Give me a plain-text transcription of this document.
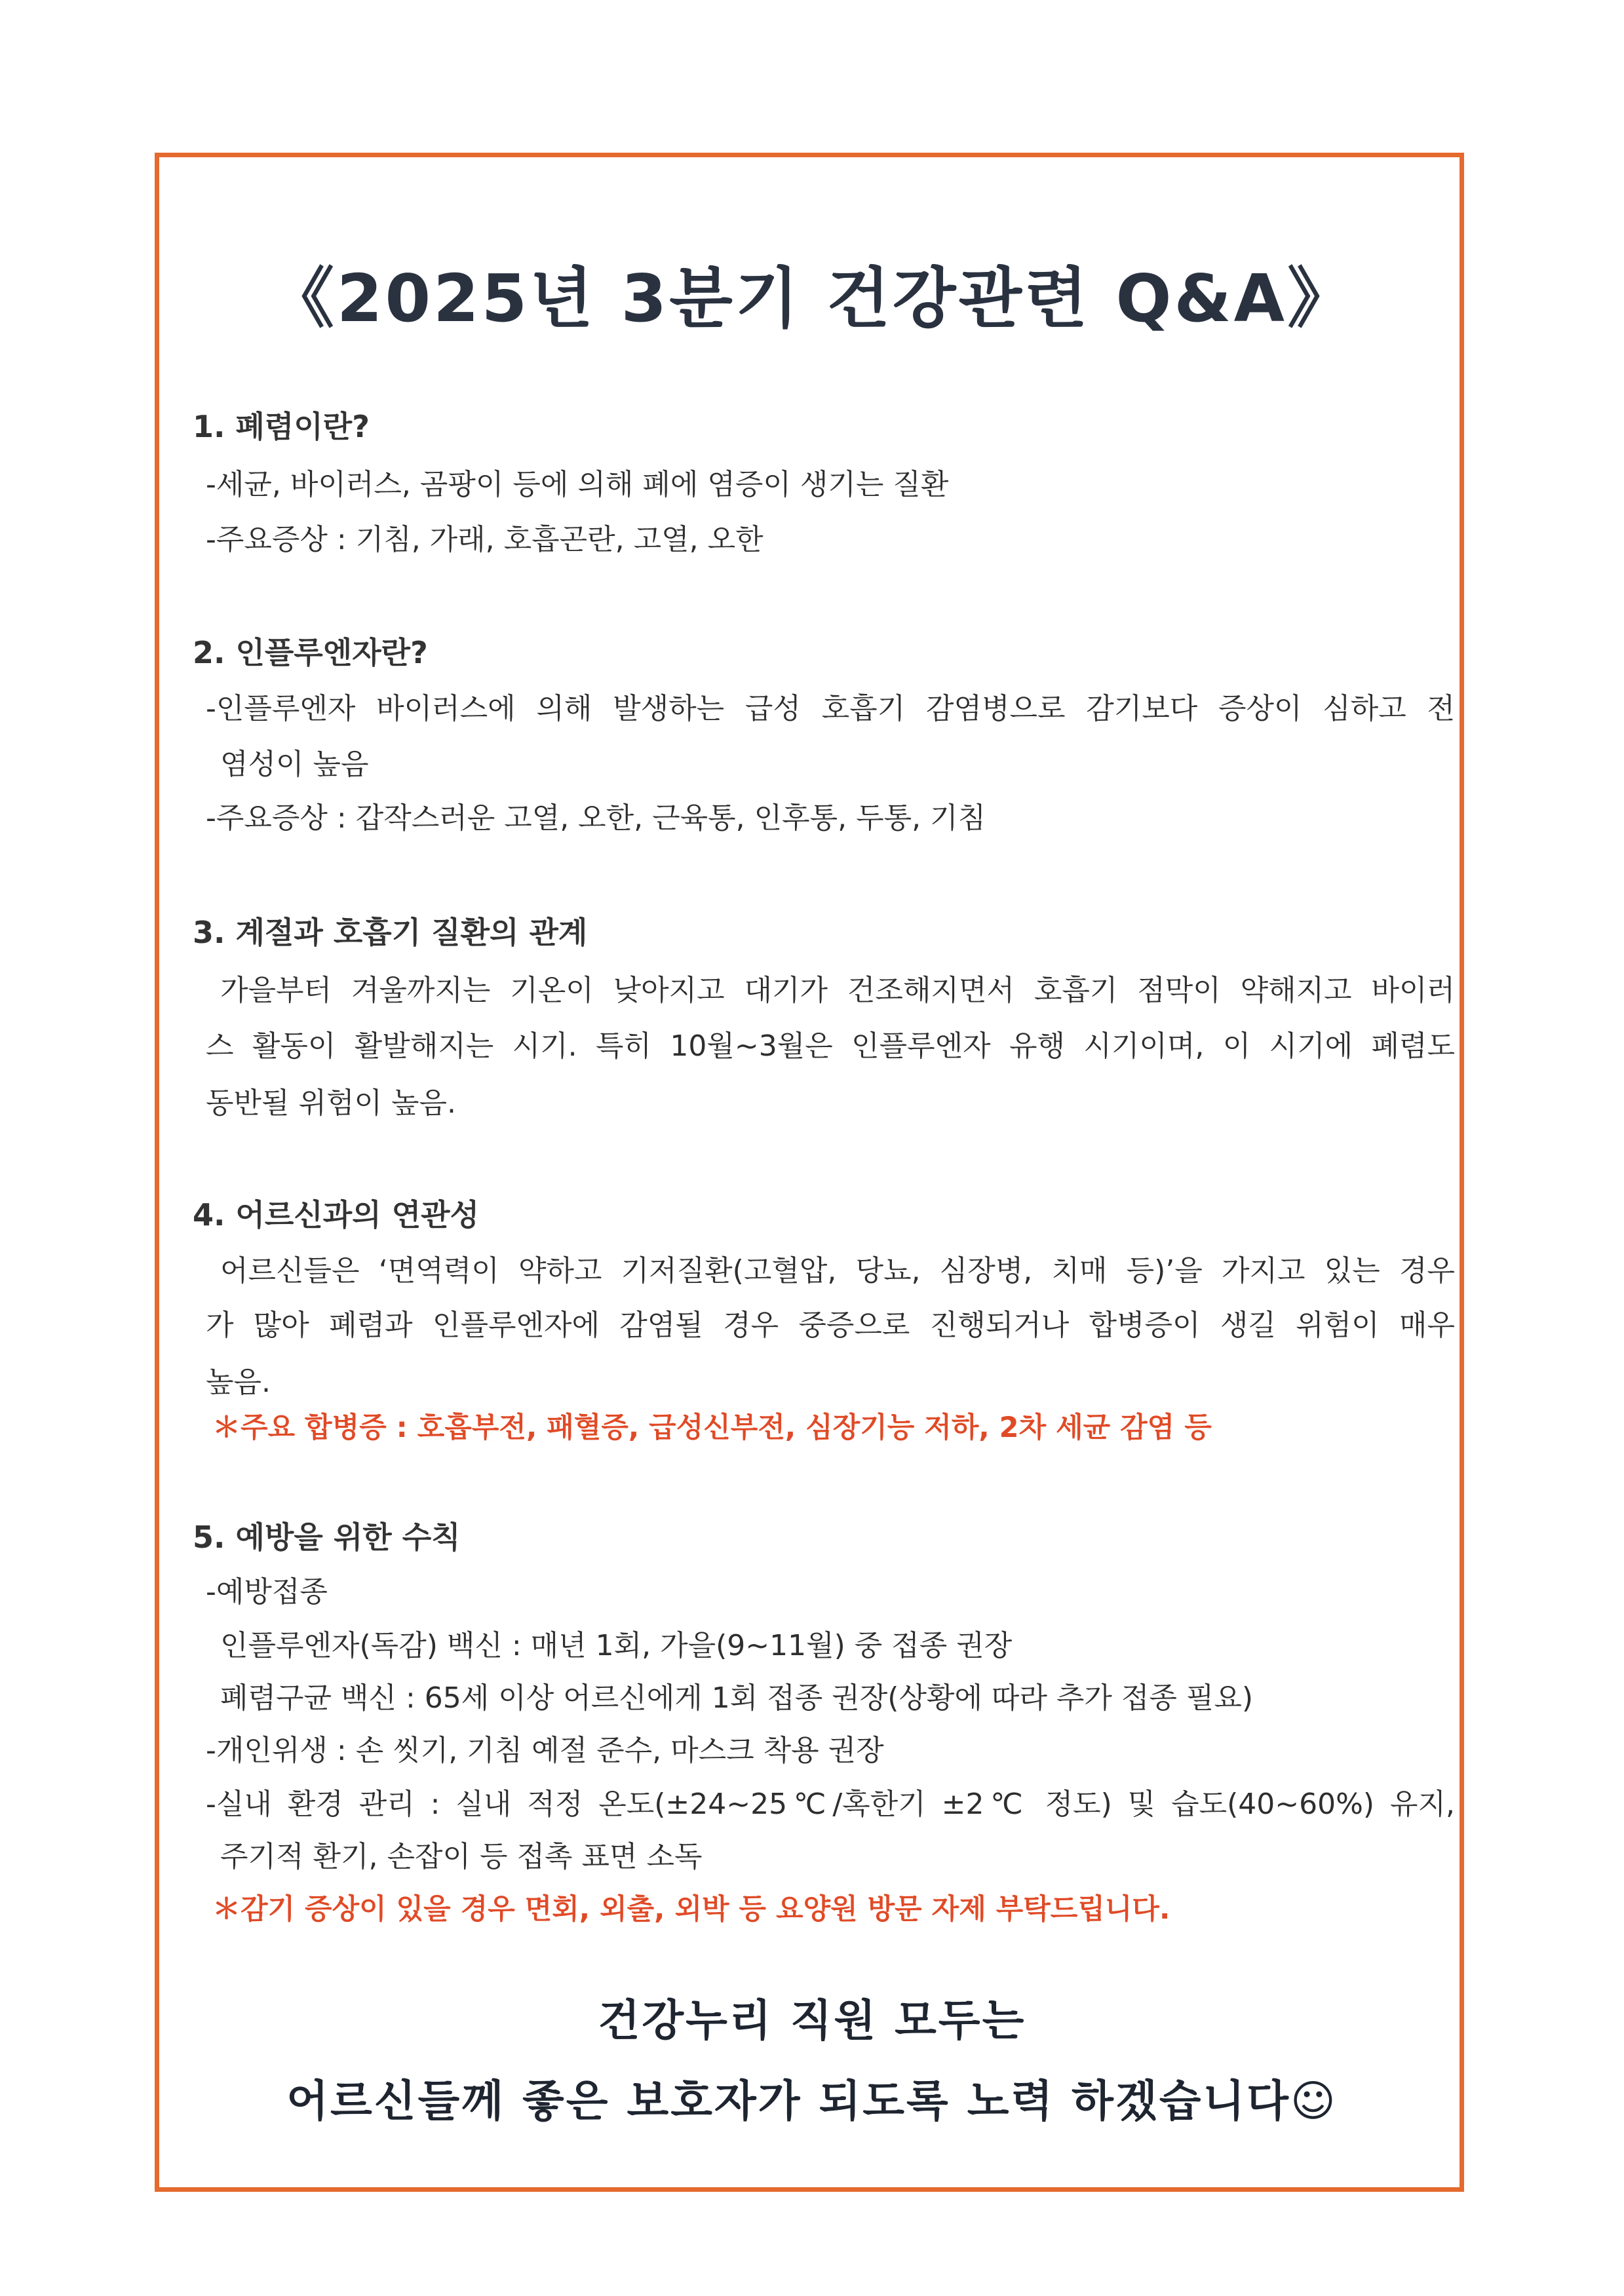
《2025년 3분기 건강관련 Q&A》
1. 폐렴이란?
-세균, 바이러스, 곰팡이 등에 의해 폐에 염증이 생기는 질환
-주요증상 : 기침, 가래, 호흡곤란, 고열, 오한
2. 인플루엔자란?
-인플루엔자 바이러스에 의해 발생하는 급성 호흡기 감염병으로 감기보다 증상이 심하고 전
염성이 높음
-주요증상 : 갑작스러운 고열, 오한, 근육통, 인후통, 두통, 기침
3. 계절과 호흡기 질환의 관계
가을부터 겨울까지는 기온이 낮아지고 대기가 건조해지면서 호흡기 점막이 약해지고 바이러
스 활동이 활발해지는 시기. 특히 10월~3월은 인플루엔자 유행 시기이며, 이 시기에 폐렴도
동반될 위험이 높음.
4. 어르신과의 연관성
어르신들은 ‘면역력이 약하고 기저질환(고혈압, 당뇨, 심장병, 치매 등)’을 가지고 있는 경우
가 많아 폐렴과 인플루엔자에 감염될 경우 중증으로 진행되거나 합병증이 생길 위험이 매우
높음.
＊주요 합병증 : 호흡부전, 패혈증, 급성신부전, 심장기능 저하, 2차 세균 감염 등
5. 예방을 위한 수칙
-예방접종
인플루엔자(독감) 백신 : 매년 1회, 가을(9~11월) 중 접종 권장
폐렴구균 백신 : 65세 이상 어르신에게 1회 접종 권장(상황에 따라 추가 접종 필요)
-개인위생 : 손 씻기, 기침 예절 준수, 마스크 착용 권장
-실내 환경 관리 : 실내 적정 온도(±24~25℃/혹한기 ±2℃ 정도) 및 습도(40~60%) 유지,
주기적 환기, 손잡이 등 접촉 표면 소독
＊감기 증상이 있을 경우 면회, 외출, 외박 등 요양원 방문 자제 부탁드립니다.
건강누리 직원 모두는
어르신들께 좋은 보호자가 되도록 노력 하겠습니다☺
